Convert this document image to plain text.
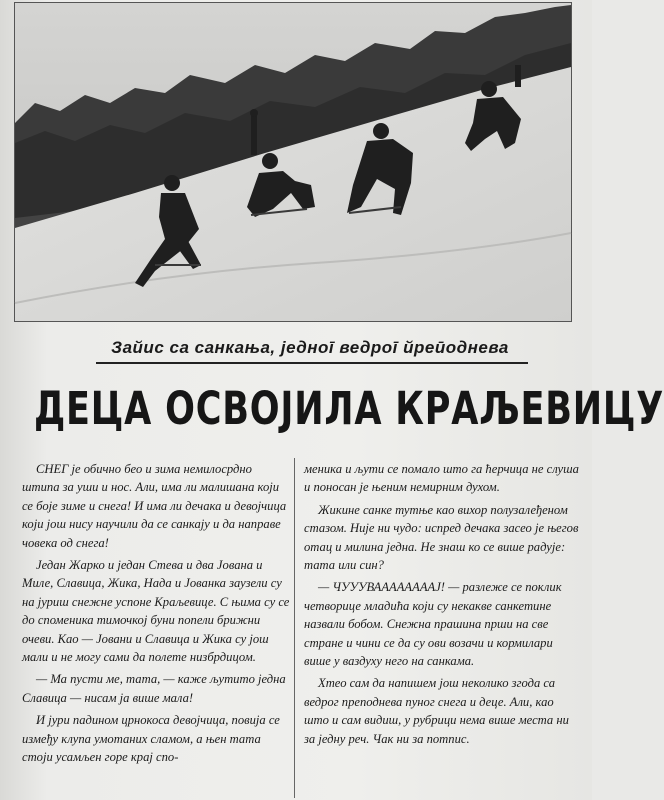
Зайис са санкања, једноī ведроī йреūоднева
ДЕЦА ОСВОЈИЛА КРАЉЕВИЦУ

СНЕГ је обично бео и зима немилосрдно штипа за уши и нос. Али, има ли малишана који се боје зиме и снега! И има ли дечака и девојчица који још нису научили да се санкају и да направе човека од снега!

Један Жарко и један Стева и два Јована и Миле, Славица, Жика, Нада и Јованка заузели су на јуриш снежне успоне Краљевице. С њима су се до споменика тимочкој буни попели брижни очеви. Као — Јовани и Славица и Жика су још мали и не могу сами да полете низбрдицом.

— Ма пусти ме, тата, — каже љутито једна Славица — нисам ја више мала!

И јури падином црнокоса девојчица, повија се између клупа умотаних сламом, а њен тата стоји усамљен горе крај спо-

меника и љути се помало што га ћерчица не слуша и поносан је њеним немирним духом.

Жикине санке тутње као вихор полузалеђеном стазом. Није ни чудо: испред дечака засео је његов отац и милина једна. Не знаш ко се више радује: тата или син?

— ЧУУУВААААААААЈ! — разлеже се поклик четворице младића који су некакве санкетине назвали бобом. Снежна прашина прши на све стране и чини се да су ови возачи и кормилари више у ваздуху него на санкама.

Хтео сам да напишем још неколико згода са ведрог преподнева пуног снега и деце. Али, као што и сам видиш, у рубрици нема више места ни за једну реч. Чак ни за потпис.
